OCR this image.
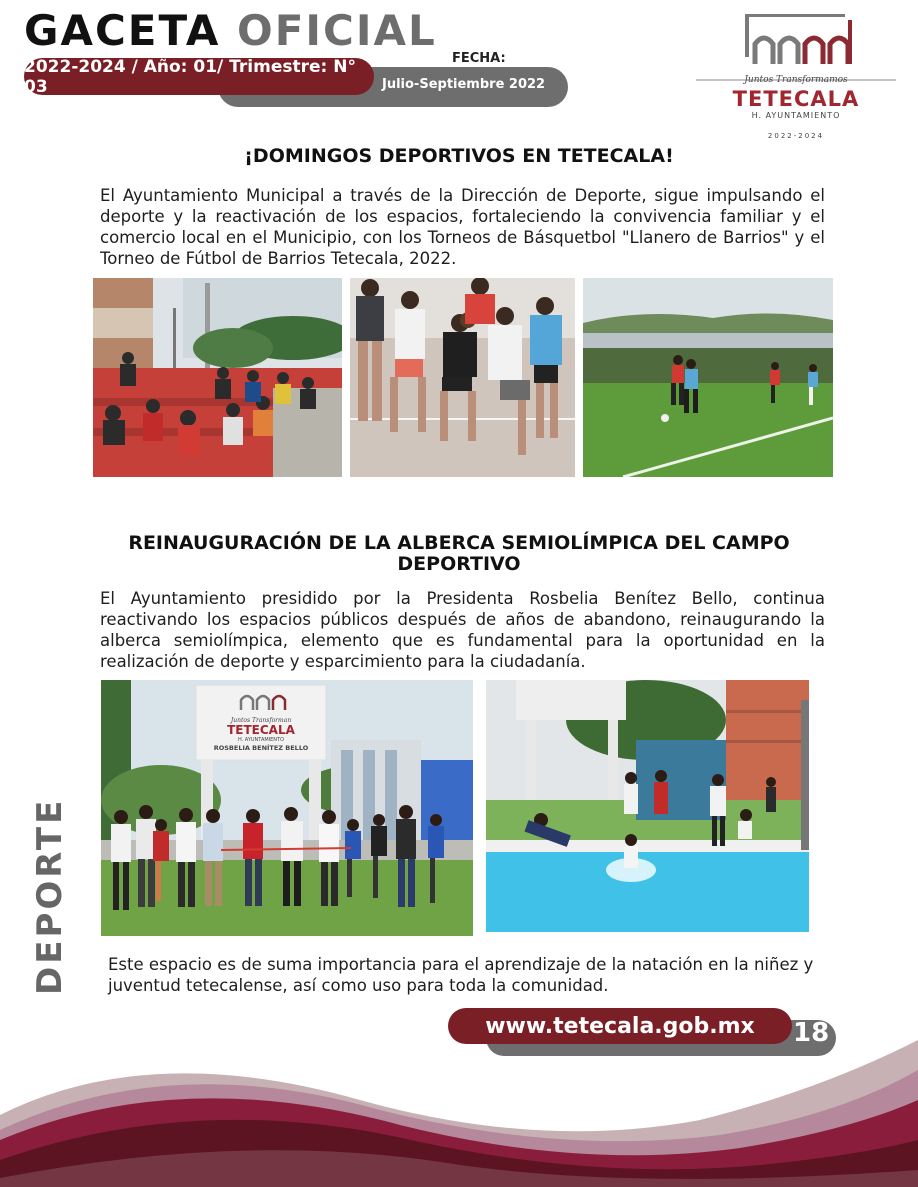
GACETA OFICIAL
FECHA:
2022-2024 / Año: 01/ Trimestre: N° 03	Julio-Septiembre 2022	Juntos Transformamos
TETECALA
H. AYUNTAMIENTO
2022-2024
¡DOMINGOS DEPORTIVOS EN TETECALA!
El Ayuntamiento Municipal a través de la Dirección de Deporte, sigue impulsando el deporte y la reactivación de los espacios, fortaleciendo la convivencia familiar y el comercio local en el Municipio, con los Torneos de Básquetbol "Llanero de Barrios" y el Torneo de Fútbol de Barrios Tetecala, 2022.
REINAUGURACIÓN DE LA ALBERCA SEMIOLÍMPICA DEL CAMPO DEPORTIVO
El Ayuntamiento presidido por la Presidenta Rosbelia Benítez Bello, continua reactivando los espacios públicos después de años de abandono, reinaugurando la alberca semiolímpica, elemento que es fundamental para la oportunidad en la realización de deporte y esparcimiento para la ciudadanía.
Juntos Transforman
TETECALA
H. AYUNTAMIENTO
ROSBELIA BENÍTEZ BELLO
Este espacio es de suma importancia para el aprendizaje de la natación en la niñez y juventud tetecalense, así como uso para toda la comunidad.
DEPORTE
www.tetecala.gob.mx	18
